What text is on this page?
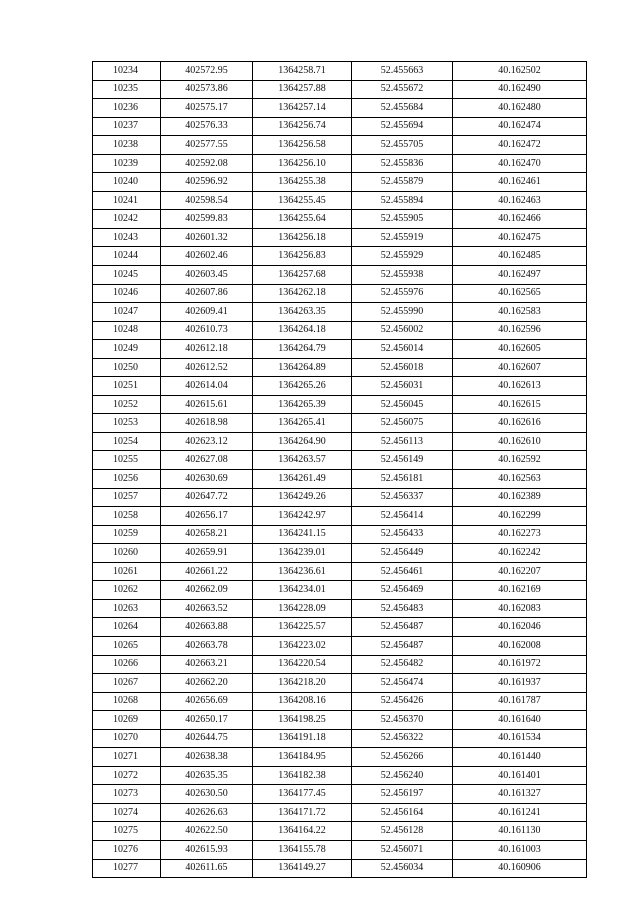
10234	402572.95	1364258.71	52.455663	40.162502
10235	402573.86	1364257.88	52.455672	40.162490
10236	402575.17	1364257.14	52.455684	40.162480
10237	402576.33	1364256.74	52.455694	40.162474
10238	402577.55	1364256.58	52.455705	40.162472
10239	402592.08	1364256.10	52.455836	40.162470
10240	402596.92	1364255.38	52.455879	40.162461
10241	402598.54	1364255.45	52.455894	40.162463
10242	402599.83	1364255.64	52.455905	40.162466
10243	402601.32	1364256.18	52.455919	40.162475
10244	402602.46	1364256.83	52.455929	40.162485
10245	402603.45	1364257.68	52.455938	40.162497
10246	402607.86	1364262.18	52.455976	40.162565
10247	402609.41	1364263.35	52.455990	40.162583
10248	402610.73	1364264.18	52.456002	40.162596
10249	402612.18	1364264.79	52.456014	40.162605
10250	402612.52	1364264.89	52.456018	40.162607
10251	402614.04	1364265.26	52.456031	40.162613
10252	402615.61	1364265.39	52.456045	40.162615
10253	402618.98	1364265.41	52.456075	40.162616
10254	402623.12	1364264.90	52.456113	40.162610
10255	402627.08	1364263.57	52.456149	40.162592
10256	402630.69	1364261.49	52.456181	40.162563
10257	402647.72	1364249.26	52.456337	40.162389
10258	402656.17	1364242.97	52.456414	40.162299
10259	402658.21	1364241.15	52.456433	40.162273
10260	402659.91	1364239.01	52.456449	40.162242
10261	402661.22	1364236.61	52.456461	40.162207
10262	402662.09	1364234.01	52.456469	40.162169
10263	402663.52	1364228.09	52.456483	40.162083
10264	402663.88	1364225.57	52.456487	40.162046
10265	402663.78	1364223.02	52.456487	40.162008
10266	402663.21	1364220.54	52.456482	40.161972
10267	402662.20	1364218.20	52.456474	40.161937
10268	402656.69	1364208.16	52.456426	40.161787
10269	402650.17	1364198.25	52.456370	40.161640
10270	402644.75	1364191.18	52.456322	40.161534
10271	402638.38	1364184.95	52.456266	40.161440
10272	402635.35	1364182.38	52.456240	40.161401
10273	402630.50	1364177.45	52.456197	40.161327
10274	402626.63	1364171.72	52.456164	40.161241
10275	402622.50	1364164.22	52.456128	40.161130
10276	402615.93	1364155.78	52.456071	40.161003
10277	402611.65	1364149.27	52.456034	40.160906
